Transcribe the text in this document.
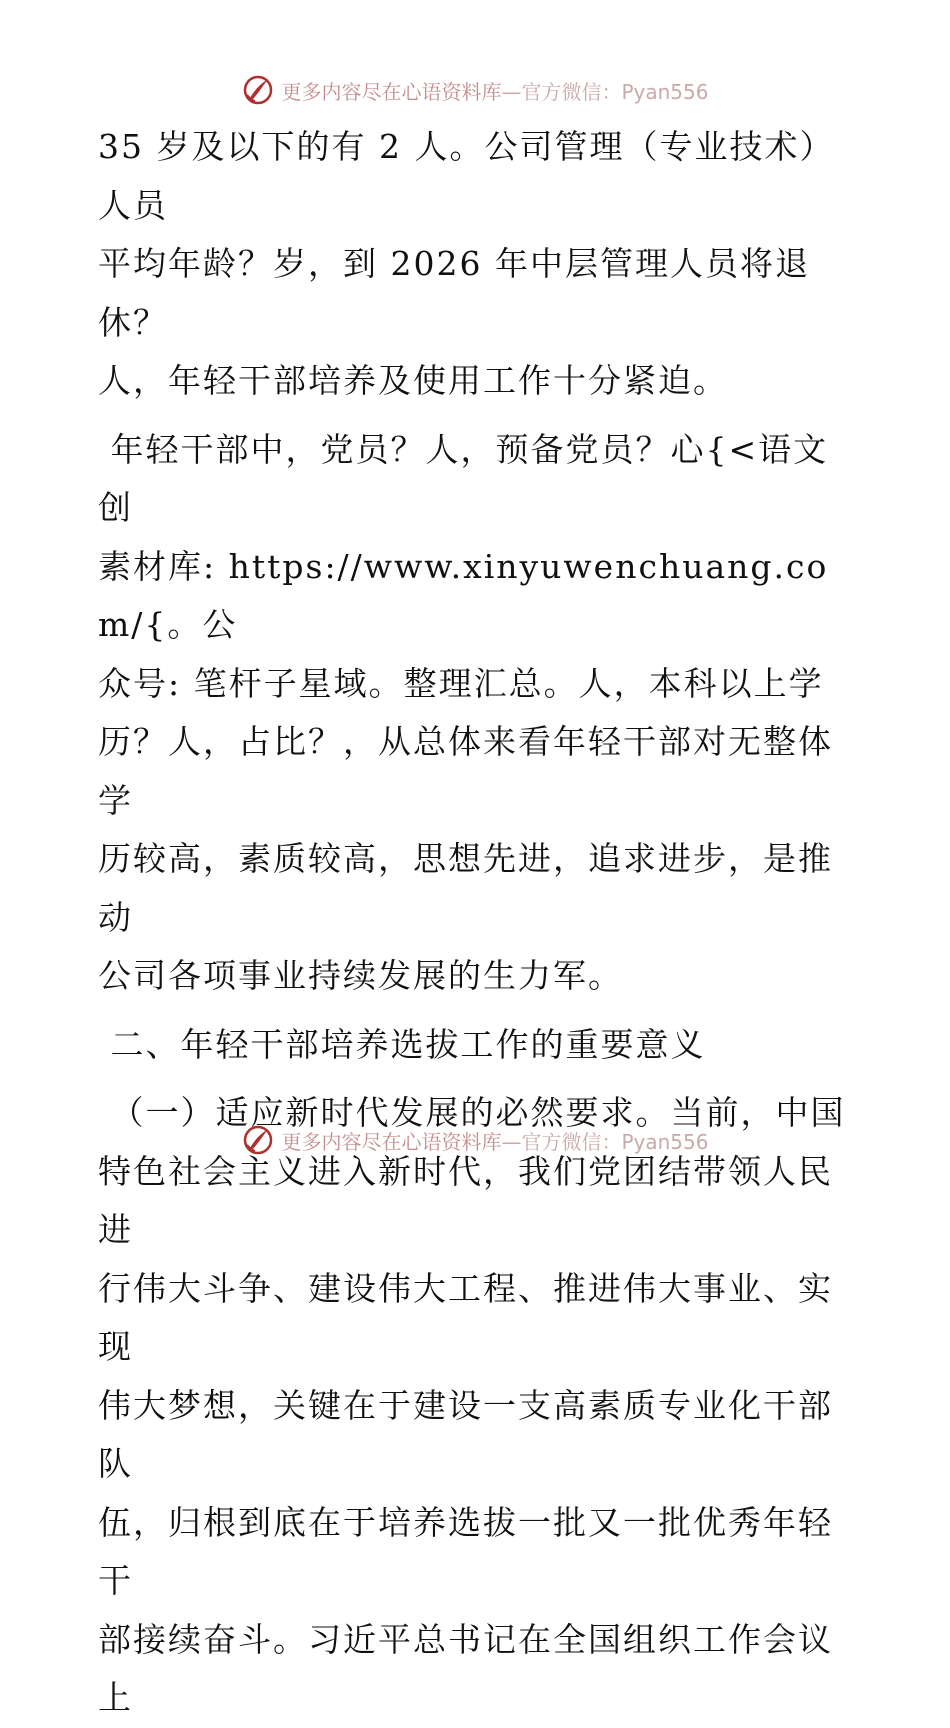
更多内容尽在心语资料库—官方微信：Pyan556

35 岁及以下的有 2 人。公司管理（专业技术）人员
平均年龄？岁，到 2026 年中层管理人员将退休？
人，年轻干部培养及使用工作十分紧迫。

年轻干部中，党员？人，预备党员？心{<语文创
素材库: https://www.xinyuwenchuang.com/{。公
众号: 笔杆子星域。整理汇总。人，本科以上学
历？人，占比？，从总体来看年轻干部对无整体学
历较高，素质较高，思想先进，追求进步，是推动
公司各项事业持续发展的生力军。

二、年轻干部培养选拔工作的重要意义

（一）适应新时代发展的必然要求。当前，中国
特色社会主义进入新时代，我们党团结带领人民进
行伟大斗争、建设伟大工程、推进伟大事业、实现
伟大梦想，关键在于建设一支高素质专业化干部队
伍，归根到底在于培养选拔一批又一批优秀年轻干
部接续奋斗。习近平总书记在全国组织工作会议上

更多内容尽在心语资料库—官方微信：Pyan556
